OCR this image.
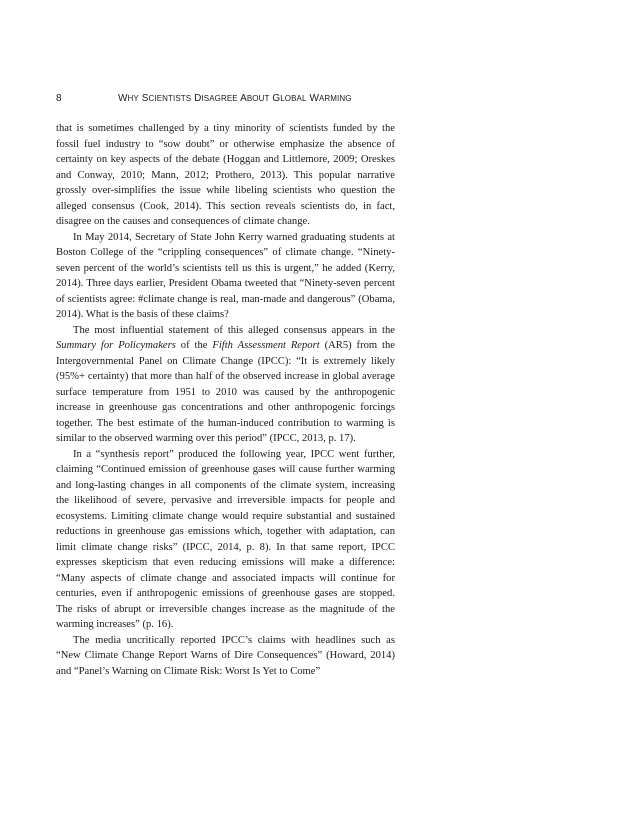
8	WHY SCIENTISTS DISAGREE ABOUT GLOBAL WARMING

that is sometimes challenged by a tiny minority of scientists funded by the fossil fuel industry to “sow doubt” or otherwise emphasize the absence of certainty on key aspects of the debate (Hoggan and Littlemore, 2009; Oreskes and Conway, 2010; Mann, 2012; Prothero, 2013). This popular narrative grossly over-simplifies the issue while libeling scientists who question the alleged consensus (Cook, 2014). This section reveals scientists do, in fact, disagree on the causes and consequences of climate change.

In May 2014, Secretary of State John Kerry warned graduating students at Boston College of the “crippling consequences” of climate change. “Ninety-seven percent of the world’s scientists tell us this is urgent,” he added (Kerry, 2014). Three days earlier, President Obama tweeted that “Ninety-seven percent of scientists agree: #climate change is real, man-made and dangerous” (Obama, 2014). What is the basis of these claims?

The most influential statement of this alleged consensus appears in the Summary for Policymakers of the Fifth Assessment Report (AR5) from the Intergovernmental Panel on Climate Change (IPCC): “It is extremely likely (95%+ certainty) that more than half of the observed increase in global average surface temperature from 1951 to 2010 was caused by the anthropogenic increase in greenhouse gas concentrations and other anthropogenic forcings together. The best estimate of the human-induced contribution to warming is similar to the observed warming over this period” (IPCC, 2013, p. 17).

In a “synthesis report” produced the following year, IPCC went further, claiming “Continued emission of greenhouse gases will cause further warming and long-lasting changes in all components of the climate system, increasing the likelihood of severe, pervasive and irreversible impacts for people and ecosystems. Limiting climate change would require substantial and sustained reductions in greenhouse gas emissions which, together with adaptation, can limit climate change risks” (IPCC, 2014, p. 8). In that same report, IPCC expresses skepticism that even reducing emissions will make a difference: “Many aspects of climate change and associated impacts will continue for centuries, even if anthropogenic emissions of greenhouse gases are stopped. The risks of abrupt or irreversible changes increase as the magnitude of the warming increases” (p. 16).

The media uncritically reported IPCC’s claims with headlines such as “New Climate Change Report Warns of Dire Consequences” (Howard, 2014) and “Panel’s Warning on Climate Risk: Worst Is Yet to Come”
